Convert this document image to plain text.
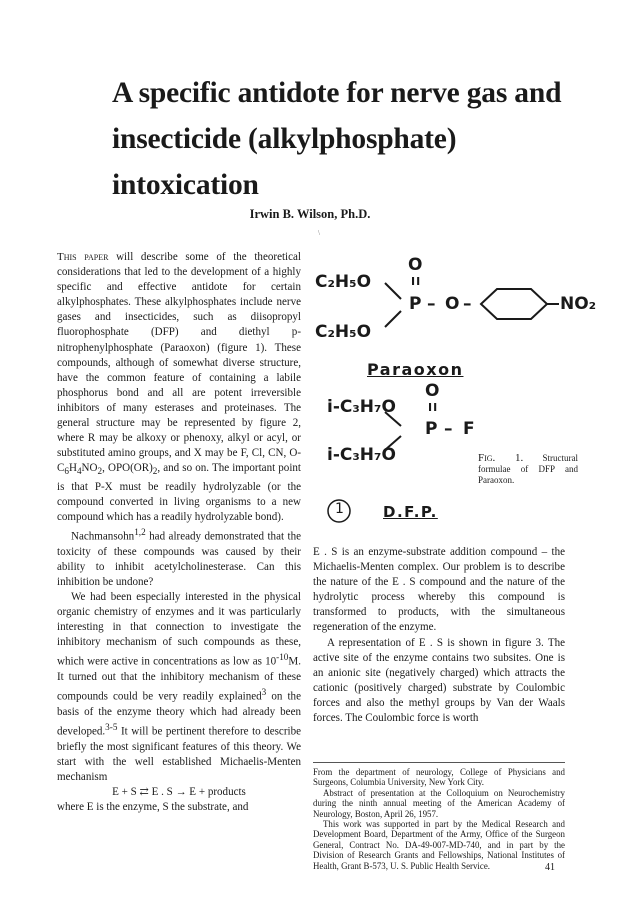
A specific antidote for nerve gas and
insecticide (alkylphosphate)
intoxication
Irwin B. Wilson, Ph.D.
\

This paper will describe some of the theoretical considerations that led to the development of a highly specific and effective antidote for certain alkylphosphates. These alkylphosphates include nerve gases and insecticides, such as diisopropyl fluorophosphate (DFP) and diethyl p-nitrophenylphosphate (Paraoxon) (figure 1). These compounds, although of somewhat diverse structure, have the common feature of containing a labile phosphorus bond and all are potent irreversible inhibitors of many esterases and proteinases. The general structure may be represented by figure 2, where R may be alkoxy or phenoxy, alkyl or acyl, or substituted amino groups, and X may be F, Cl, CN, $O-C_6H_4NO_2$, $OPO(OR)_2$, and so on. The important point is that P-X must be readily hydrolyzable (or the compound converted in living organisms to a new compound which has a readily hydrolyzable bond).

Nachmansohn$^{1,2}$ had already demonstrated that the toxicity of these compounds was caused by their ability to inhibit acetylcholinesterase. Can this inhibition be undone?

We had been especially interested in the physical organic chemistry of enzymes and it was particularly interesting in that connection to investigate the inhibitory mechanism of such compounds as these, which were active in concentrations as low as $10^{-10}M$. It turned out that the inhibitory mechanism of these compounds could be very readily explained$^3$ on the basis of the enzyme theory which had already been developed.$^{3-5}$ It will be pertinent therefore to describe briefly the most significant features of this theory. We start with the well established Michaelis-Menten mechanism

E + S ⇄ E . S → E + products

where E is the enzyme, S the substrate, and

O
II
C₂H₅O
C₂H₅O
P – O –	NO₂
Paraoxon
O
II
i-C₃H₇O
i-C₃H₇O
P – F
1	D.F.P.
Fig. 1. Structural formulae of DFP and Paraoxon.

E . S is an enzyme-substrate addition compound – the Michaelis-Menten complex. Our problem is to describe the nature of the E . S compound and the nature of the hydrolytic process whereby this compound is transformed to products, with the simultaneous regeneration of the enzyme.

A representation of E . S is shown in figure 3. The active site of the enzyme contains two subsites. One is an anionic site (negatively charged) which attracts the cationic (positively charged) substrate by Coulombic forces and also the methyl groups by Van der Waals forces. The Coulombic force is worth

From the department of neurology, College of Physicians and Surgeons, Columbia University, New York City.

Abstract of presentation at the Colloquium on Neurochemistry during the ninth annual meeting of the American Academy of Neurology, Boston, April 26, 1957.

This work was supported in part by the Medical Research and Development Board, Department of the Army, Office of the Surgeon General, Contract No. DA-49-007-MD-740, and in part by the Division of Research Grants and Fellowships, National Institutes of Health, Grant B-573, U. S. Public Health Service.	41
